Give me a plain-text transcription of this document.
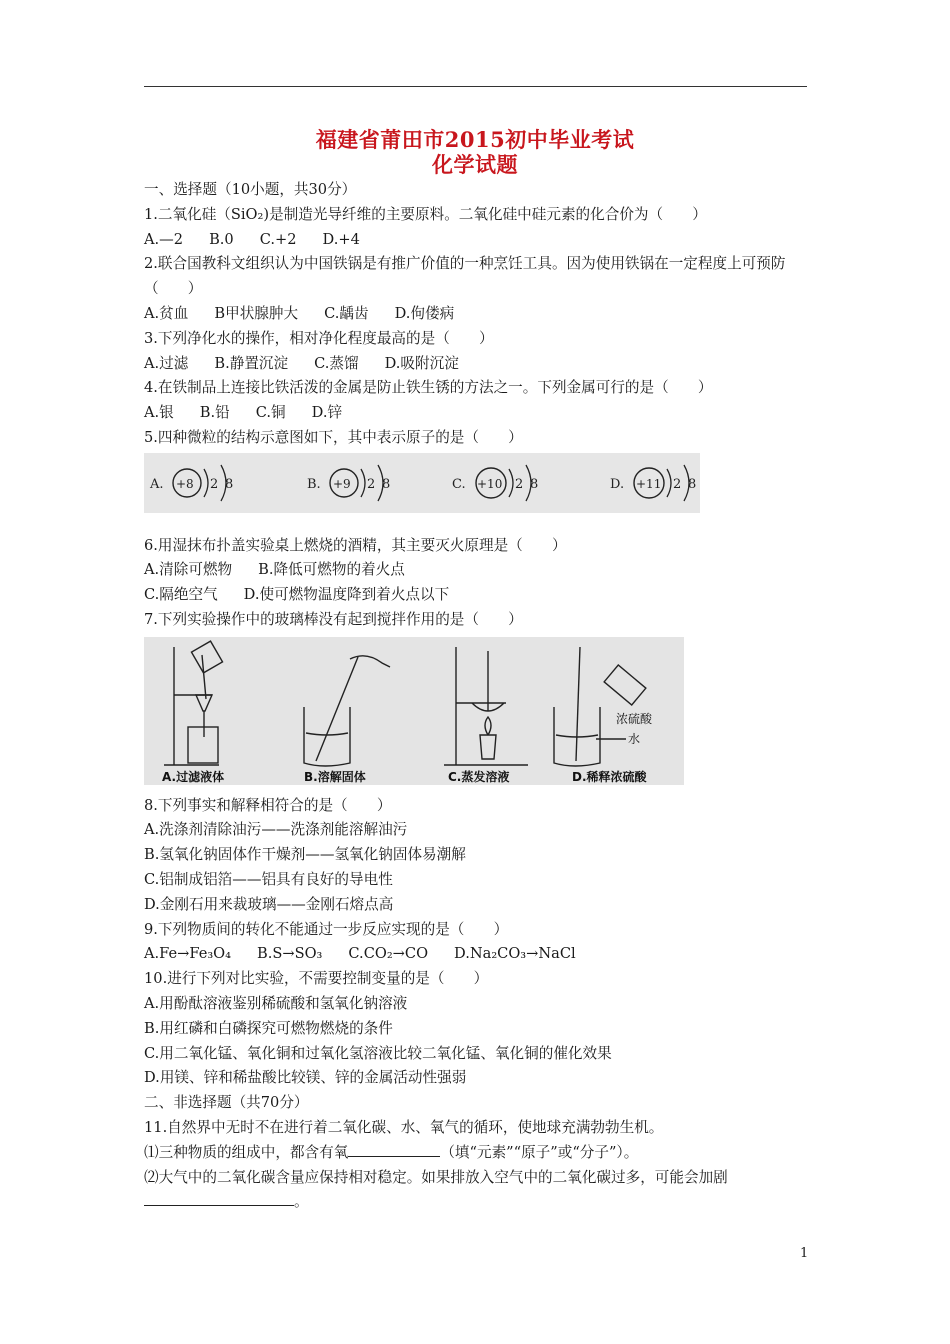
福建省莆田市2015初中毕业考试
化学试题
一、选择题（10小题，共30分）
1.二氧化硅（SiO₂)是制造光导纤维的主要原料。二氧化硅中硅元素的化合价为（　　）
A.—2 B.0 C.+2 D.+4
2.联合国教科文组织认为中国铁锅是有推广价值的一种烹饪工具。因为使用铁锅在一定程度上可预防（　　）
A.贫血 B甲状腺肿大 C.龋齿 D.佝偻病
3.下列净化水的操作，相对净化程度最高的是（　　）
A.过滤 B.静置沉淀 C.蒸馏 D.吸附沉淀
4.在铁制品上连接比铁活泼的金属是防止铁生锈的方法之一。下列金属可行的是（　　）
A.银 B.铅 C.铜 D.锌
5.四种微粒的结构示意图如下，其中表示原子的是（　　）
A. +8 2 8	B. +9 2 8	C. +10 2 8	D. +11 2 8
6.用湿抹布扑盖实验桌上燃烧的酒精，其主要灭火原理是（　　）
A.清除可燃物 B.降低可燃物的着火点
C.隔绝空气 D.使可燃物温度降到着火点以下
7.下列实验操作中的玻璃棒没有起到搅拌作用的是（　　）
浓硫酸
水
A.过滤液体	B.溶解固体	C.蒸发溶液	D.稀释浓硫酸
8.下列事实和解释相符合的是（　　）
A.洗涤剂清除油污——洗涤剂能溶解油污
B.氢氧化钠固体作干燥剂——氢氧化钠固体易潮解
C.铝制成铝箔——铝具有良好的导电性
D.金刚石用来裁玻璃——金刚石熔点高
9.下列物质间的转化不能通过一步反应实现的是（　　）
A.Fe→Fe₃O₄ B.S→SO₃ C.CO₂→CO D.Na₂CO₃→NaCl
10.进行下列对比实验，不需要控制变量的是（　　）
A.用酚酞溶液鉴别稀硫酸和氢氧化钠溶液
B.用红磷和白磷探究可燃物燃烧的条件
C.用二氧化锰、氧化铜和过氧化氢溶液比较二氧化锰、氧化铜的催化效果
D.用镁、锌和稀盐酸比较镁、锌的金属活动性强弱
二、非选择题（共70分）
11.自然界中无时不在进行着二氧化碳、水、氧气的循环，使地球充满勃勃生机。
⑴三种物质的组成中，都含有氧	（填“元素”“原子”或“分子”）。
⑵大气中的二氧化碳含量应保持相对稳定。如果排放入空气中的二氧化碳过多，可能会加剧
。
1
